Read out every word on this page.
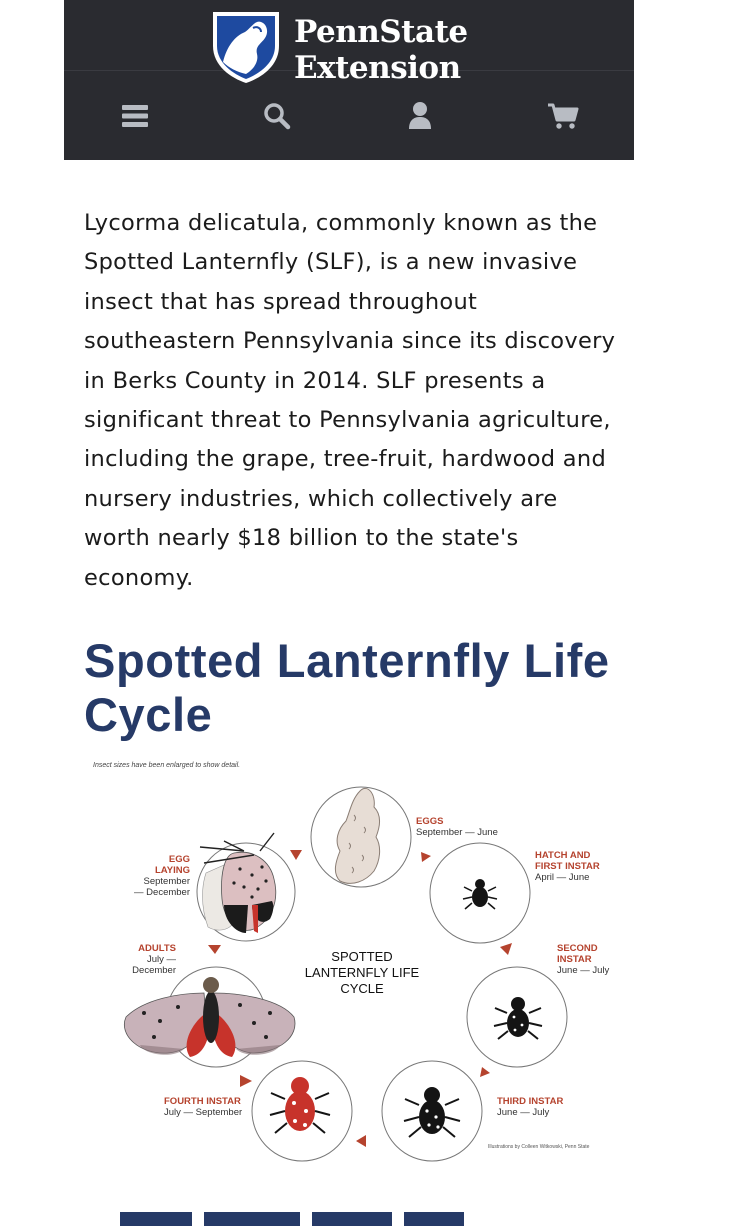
PennState Extension

Lycorma delicatula, commonly known as the Spotted Lanternfly (SLF), is a new invasive insect that has spread throughout southeastern Pennsylvania since its discovery in Berks County in 2014. SLF presents a significant threat to Pennsylvania agriculture, including the grape, tree-fruit, hardwood and nursery industries, which collectively are worth nearly $18 billion to the state's economy.

Spotted Lanternfly Life Cycle
Insect sizes have been enlarged to show detail.
EGGS
September — June
HATCH AND FIRST INSTAR
April — June
SECOND INSTAR
June — July
THIRD INSTAR
June — July
FOURTH INSTAR
July — September
ADULTS
July — December
EGG LAYING
September — December
SPOTTED LANTERNFLY LIFE CYCLE
Illustrations by Colleen Witkowski, Penn State
